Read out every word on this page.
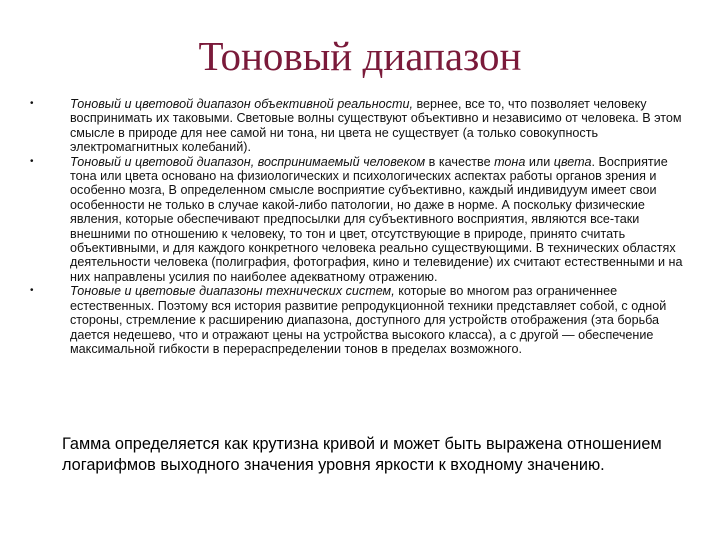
Тоновый диапазон
•	Тоновый и цветовой диапазон объективной реальности, вернее, все то, что позволяет человеку воспринимать их таковыми. Световые волны существуют объективно и независимо от человека. В этом смысле в природе для нее самой ни тона, ни цвета не существует (а только совокупность электромагнитных колебаний).
•	Тоновый и цветовой диапазон, воспринимаемый человеком в качестве тона или цвета. Восприятие тона или цвета основано на физиологических и психологических аспектах работы органов зрения и особенно мозга, В определенном смысле восприятие субъективно, каждый индивидуум имеет свои особенности не только в случае какой-либо патологии, но даже в норме. А поскольку физические явления, которые обеспечивают предпосылки для субъективного восприятия, являются все-таки внешними по отношению к человеку, то тон и цвет, отсутствующие в природе, принято считать объективными, и для каждого конкретного человека реально существующими. В технических областях деятельности человека (полиграфия, фотография, кино и телевидение) их считают естественными и на них направлены усилия по наиболее адекватному отражению.
•	Тоновые и цветовые диапазоны технических систем, которые во многом раз ограниченнее естественных. Поэтому вся история развитие репродукционной техники представляет собой, с одной стороны, стремление к расширению диапазона, доступного для устройств отображения (эта борьба дается недешево, что и отражают цены на устройства высокого класса), а с другой — обеспечение максимальной гибкости в перераспределении тонов в пределах возможного.

Гамма определяется как крутизна кривой и может быть выражена отношением логарифмов выходного значения уровня яркости к входному значению.
